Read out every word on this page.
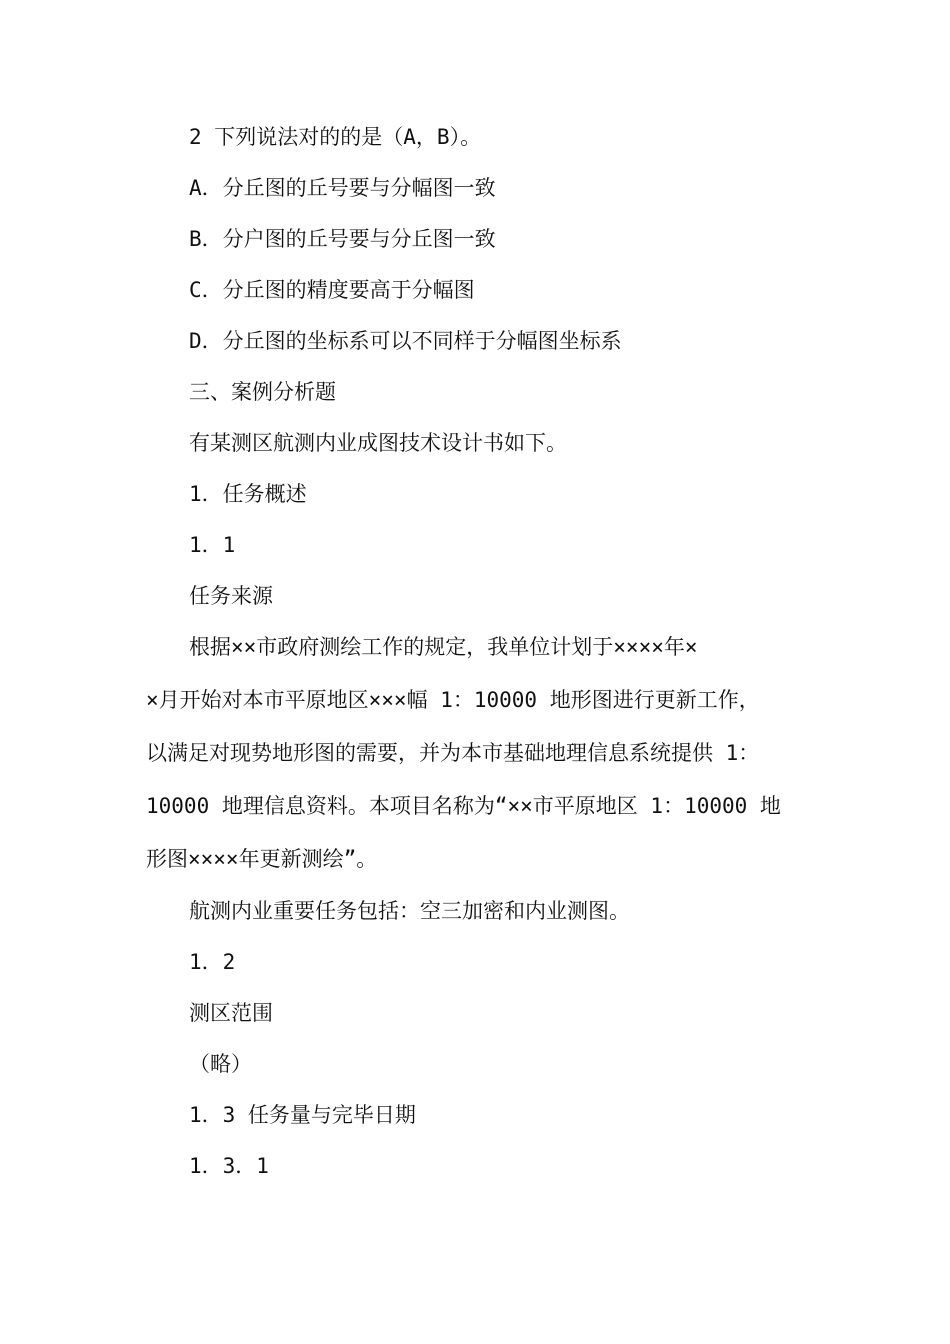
2 下列说法对的的是（A，B）。
A．分丘图的丘号要与分幅图一致
B．分户图的丘号要与分丘图一致
C．分丘图的精度要高于分幅图
D．分丘图的坐标系可以不同样于分幅图坐标系
三、案例分析题
有某测区航测内业成图技术设计书如下。
1．任务概述
1．1
任务来源
根据××市政府测绘工作的规定，我单位计划于××××年×
×月开始对本市平原地区×××幅 1：10000 地形图进行更新工作，
以满足对现势地形图的需要，并为本市基础地理信息系统提供 1：
10000 地理信息资料。本项目名称为“××市平原地区 1：10000 地
形图××××年更新测绘”。
航测内业重要任务包括：空三加密和内业测图。
1．2
测区范围
（略）
1．3 任务量与完毕日期
1．3．1
